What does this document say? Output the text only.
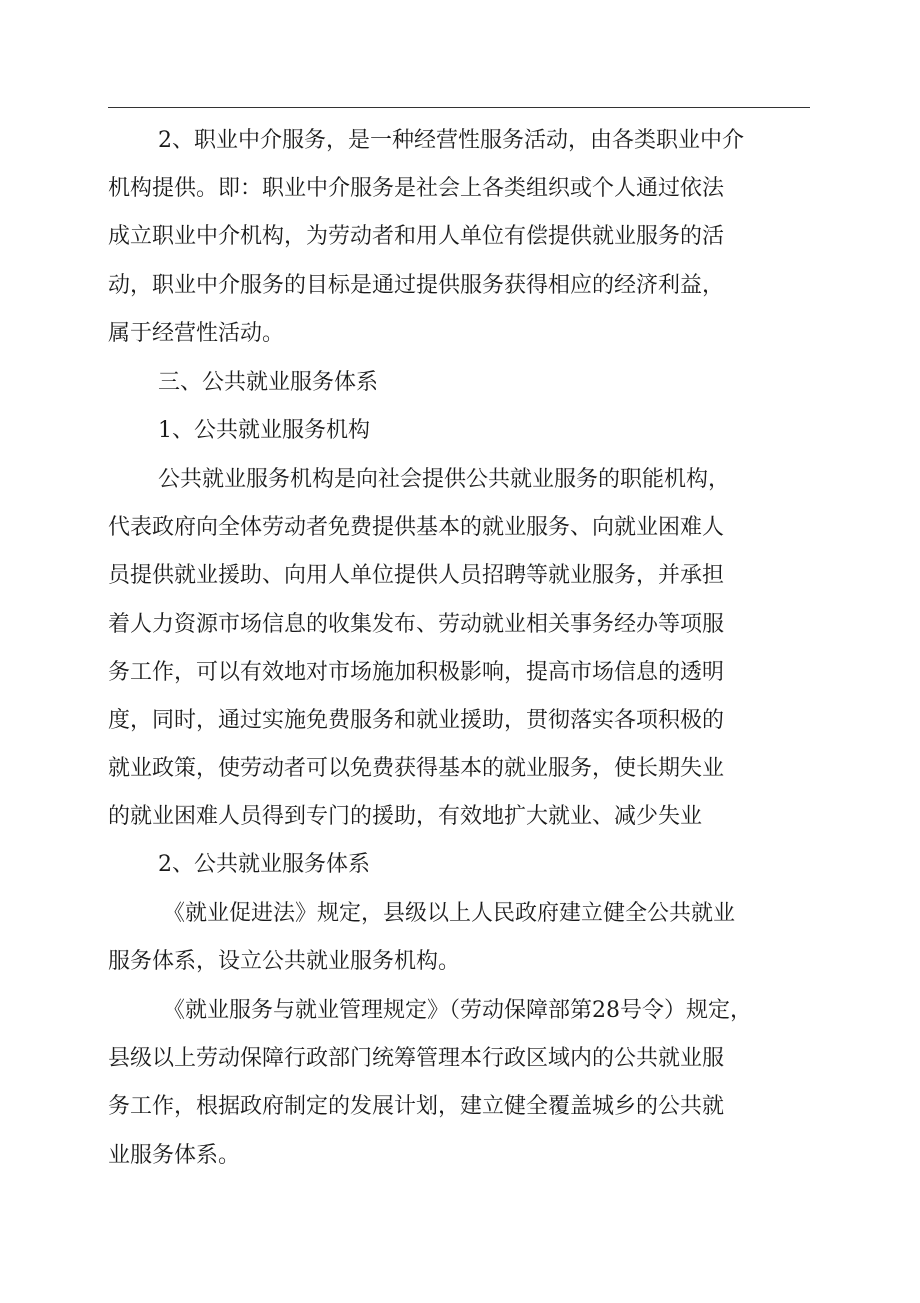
2、职业中介服务，是一种经营性服务活动，由各类职业中介
机构提供。即：职业中介服务是社会上各类组织或个人通过依法
成立职业中介机构，为劳动者和用人单位有偿提供就业服务的活
动，职业中介服务的目标是通过提供服务获得相应的经济利益，
属于经营性活动。
三、公共就业服务体系
1、公共就业服务机构
公共就业服务机构是向社会提供公共就业服务的职能机构，
代表政府向全体劳动者免费提供基本的就业服务、向就业困难人
员提供就业援助、向用人单位提供人员招聘等就业服务，并承担
着人力资源市场信息的收集发布、劳动就业相关事务经办等项服
务工作，可以有效地对市场施加积极影响，提高市场信息的透明
度，同时，通过实施免费服务和就业援助，贯彻落实各项积极的
就业政策，使劳动者可以免费获得基本的就业服务，使长期失业
的就业困难人员得到专门的援助，有效地扩大就业、减少失业
2、公共就业服务体系
《就业促进法》规定，县级以上人民政府建立健全公共就业
服务体系，设立公共就业服务机构。
《就业服务与就业管理规定》（劳动保障部第28号令）规定，
县级以上劳动保障行政部门统筹管理本行政区域内的公共就业服
务工作，根据政府制定的发展计划，建立健全覆盖城乡的公共就
业服务体系。
